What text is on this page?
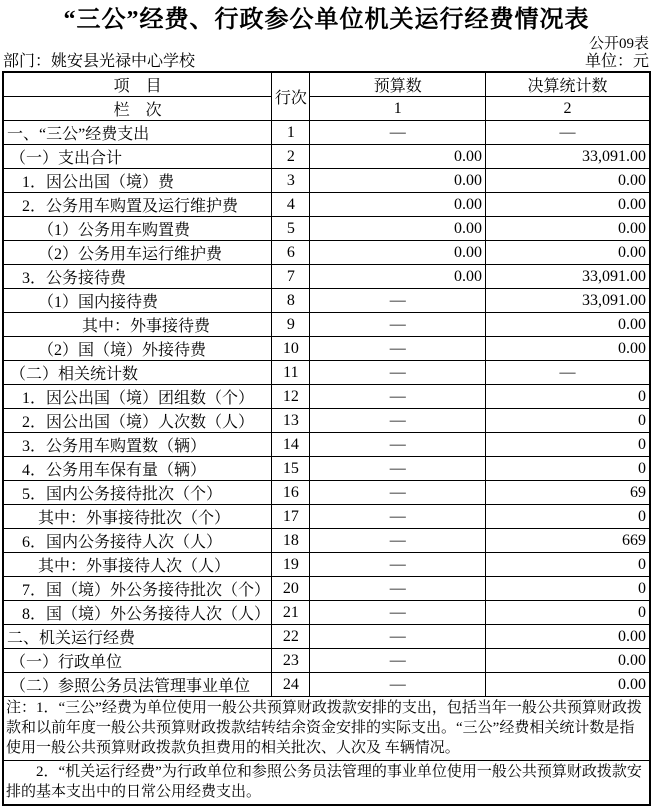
“三公”经费、行政参公单位机关运行经费情况表
公开09表
部门：姚安县光禄中心学校	单位：元
项　目	行次	预算数	决算统计数
栏　次		1	2
一、“三公”经费支出	1	—	—
（一）支出合计	2	0.00	33,091.00
1．因公出国（境）费	3	0.00	0.00
2．公务用车购置及运行维护费	4	0.00	0.00
（1）公务用车购置费	5	0.00	0.00
（2）公务用车运行维护费	6	0.00	0.00
3．公务接待费	7	0.00	33,091.00
（1）国内接待费	8	—	33,091.00
其中：外事接待费	9	—	0.00
（2）国（境）外接待费	10	—	0.00
（二）相关统计数	11	—	—
1．因公出国（境）团组数（个）	12	—	0
2．因公出国（境）人次数（人）	13	—	0
3．公务用车购置数（辆）	14	—	0
4．公务用车保有量（辆）	15	—	0
5．国内公务接待批次（个）	16	—	69
其中：外事接待批次（个）	17	—	0
6．国内公务接待人次（人）	18	—	669
其中：外事接待人次（人）	19	—	0
7．国（境）外公务接待批次（个）	20	—	0
8．国（境）外公务接待人次（人）	21	—	0
二、机关运行经费	22	—	0.00
（一）行政单位	23	—	0.00
（二）参照公务员法管理事业单位	24	—	0.00
注：1．“三公”经费为单位使用一般公共预算财政拨款安排的支出，包括当年一般公共预算财政拨款和以前年度一般公共预算财政拨款结转结余资金安排的实际支出。“三公”经费相关统计数是指使用一般公共预算财政拨款负担费用的相关批次、人次及 车辆情况。			
2．“机关运行经费”为行政单位和参照公务员法管理的事业单位使用一般公共预算财政拨款安排的基本支出中的日常公用经费支出。			
